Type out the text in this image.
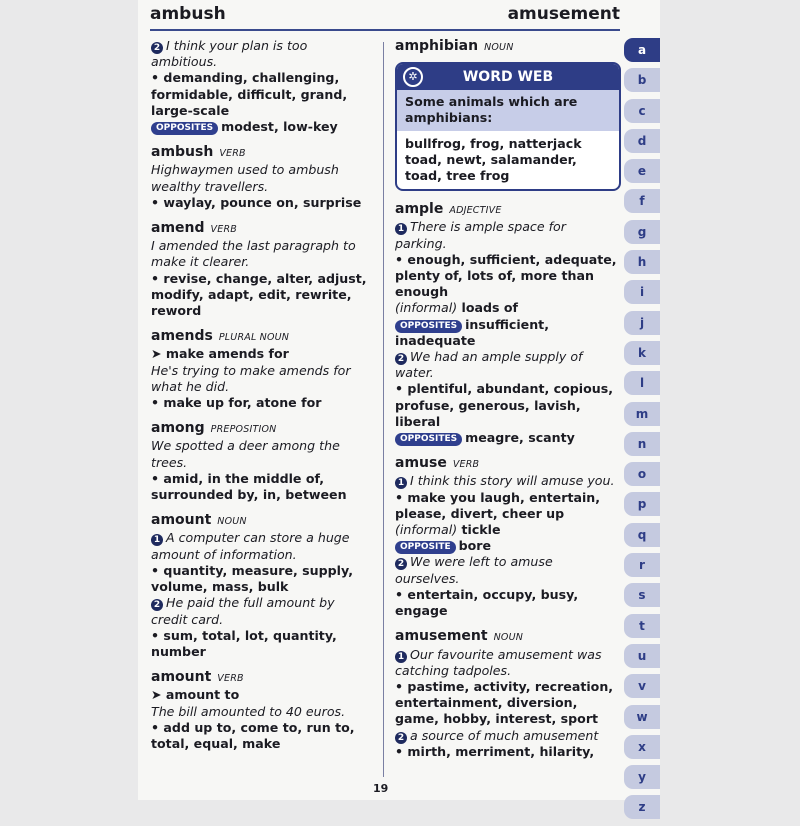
ambush	amusement
2 I think your plan is too ambitious.
• demanding, challenging, formidable, difficult, grand, large-scale
OPPOSITES modest, low-key
ambush VERB
Highwaymen used to ambush wealthy travellers.
• waylay, pounce on, surprise
amend VERB
I amended the last paragraph to make it clearer.
• revise, change, alter, adjust, modify, adapt, edit, rewrite, reword
amends PLURAL NOUN
➤ make amends for
He's trying to make amends for what he did.
• make up for, atone for
among PREPOSITION
We spotted a deer among the trees.
• amid, in the middle of, surrounded by, in, between
amount NOUN
1 A computer can store a huge amount of information.
• quantity, measure, supply, volume, mass, bulk
2 He paid the full amount by credit card.
• sum, total, lot, quantity, number
amount VERB
➤ amount to
The bill amounted to 40 euros.
• add up to, come to, run to, total, equal, make
amphibian NOUN
✲	WORD WEB
Some animals which are amphibians:
bullfrog, frog, natterjack toad, newt, salamander, toad, tree frog
ample ADJECTIVE
1 There is ample space for parking.
• enough, sufficient, adequate, plenty of, lots of, more than enough
(informal) loads of
OPPOSITES insufficient, inadequate
2 We had an ample supply of water.
• plentiful, abundant, copious, profuse, generous, lavish, liberal
OPPOSITES meagre, scanty
amuse VERB
1 I think this story will amuse you.
• make you laugh, entertain, please, divert, cheer up
(informal) tickle
OPPOSITE bore
2 We were left to amuse ourselves.
• entertain, occupy, busy, engage
amusement NOUN
1 Our favourite amusement was catching tadpoles.
• pastime, activity, recreation, entertainment, diversion, game, hobby, interest, sport
2 a source of much amusement
• mirth, merriment, hilarity,
a
b
c
d
e
f
g
h
i
j
k
l
m
n
o
p
q
r
s
t
u
v
w
x
y
z
19
